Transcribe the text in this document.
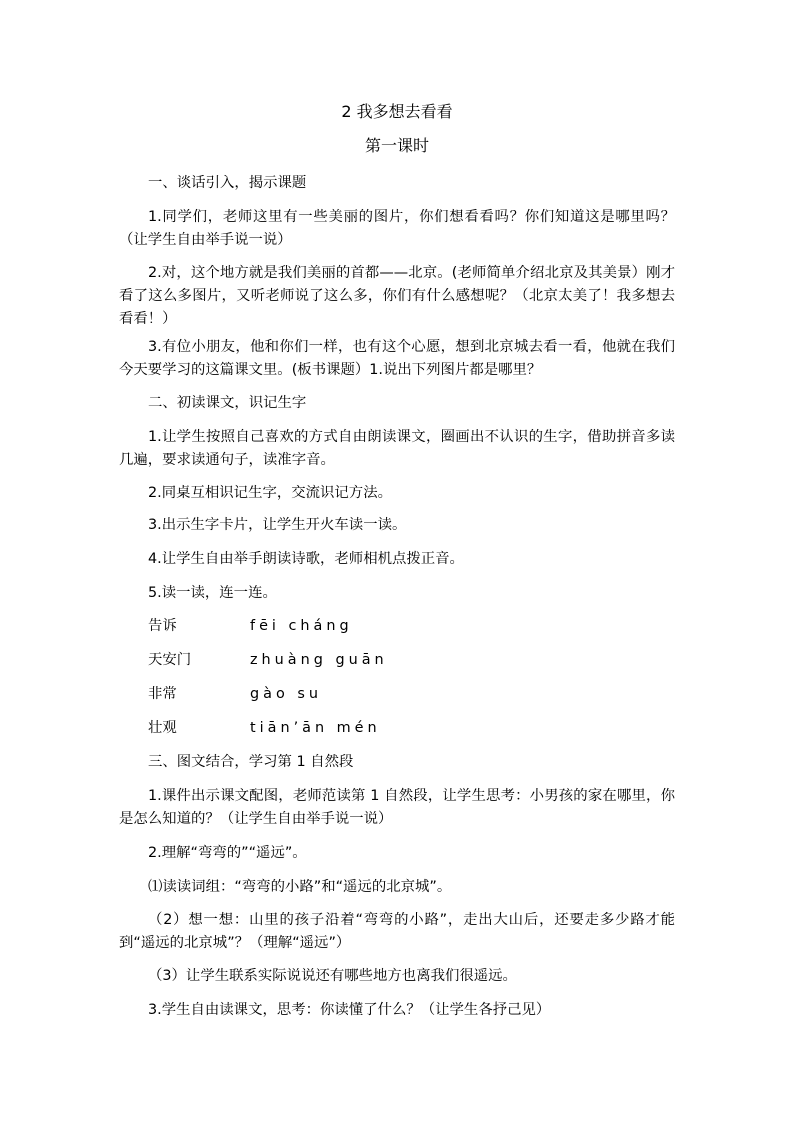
2 我多想去看看
第一课时
一、谈话引入，揭示课题
1.同学们，老师这里有一些美丽的图片，你们想看看吗？你们知道这是哪里吗？（让学生自由举手说一说）
2.对，这个地方就是我们美丽的首都——北京。(老师简单介绍北京及其美景）刚才看了这么多图片，又听老师说了这么多，你们有什么感想呢？（北京太美了！我多想去看看！）
3.有位小朋友，他和你们一样，也有这个心愿，想到北京城去看一看，他就在我们今天要学习的这篇课文里。(板书课题）1.说出下列图片都是哪里？
二、初读课文，识记生字
1.让学生按照自己喜欢的方式自由朗读课文，圈画出不认识的生字，借助拼音多读几遍，要求读通句子，读准字音。
2.同桌互相识记生字，交流识记方法。
3.出示生字卡片，让学生开火车读一读。
4.让学生自由举手朗读诗歌，老师相机点拨正音。
5.读一读，连一连。
告诉	fēi cháng
天安门	zhuàng guān
非常	gào su
壮观	tiān’ān mén
三、图文结合，学习第 1 自然段
1.课件出示课文配图，老师范读第 1 自然段，让学生思考：小男孩的家在哪里，你是怎么知道的？（让学生自由举手说一说）
2.理解“弯弯的”“遥远”。
⑴读读词组：“弯弯的小路”和“遥远的北京城”。
（2）想一想：山里的孩子沿着“弯弯的小路”，走出大山后，还要走多少路才能到“遥远的北京城”？（理解“遥远”）
（3）让学生联系实际说说还有哪些地方也离我们很遥远。
3.学生自由读课文，思考：你读懂了什么？（让学生各抒己见）
